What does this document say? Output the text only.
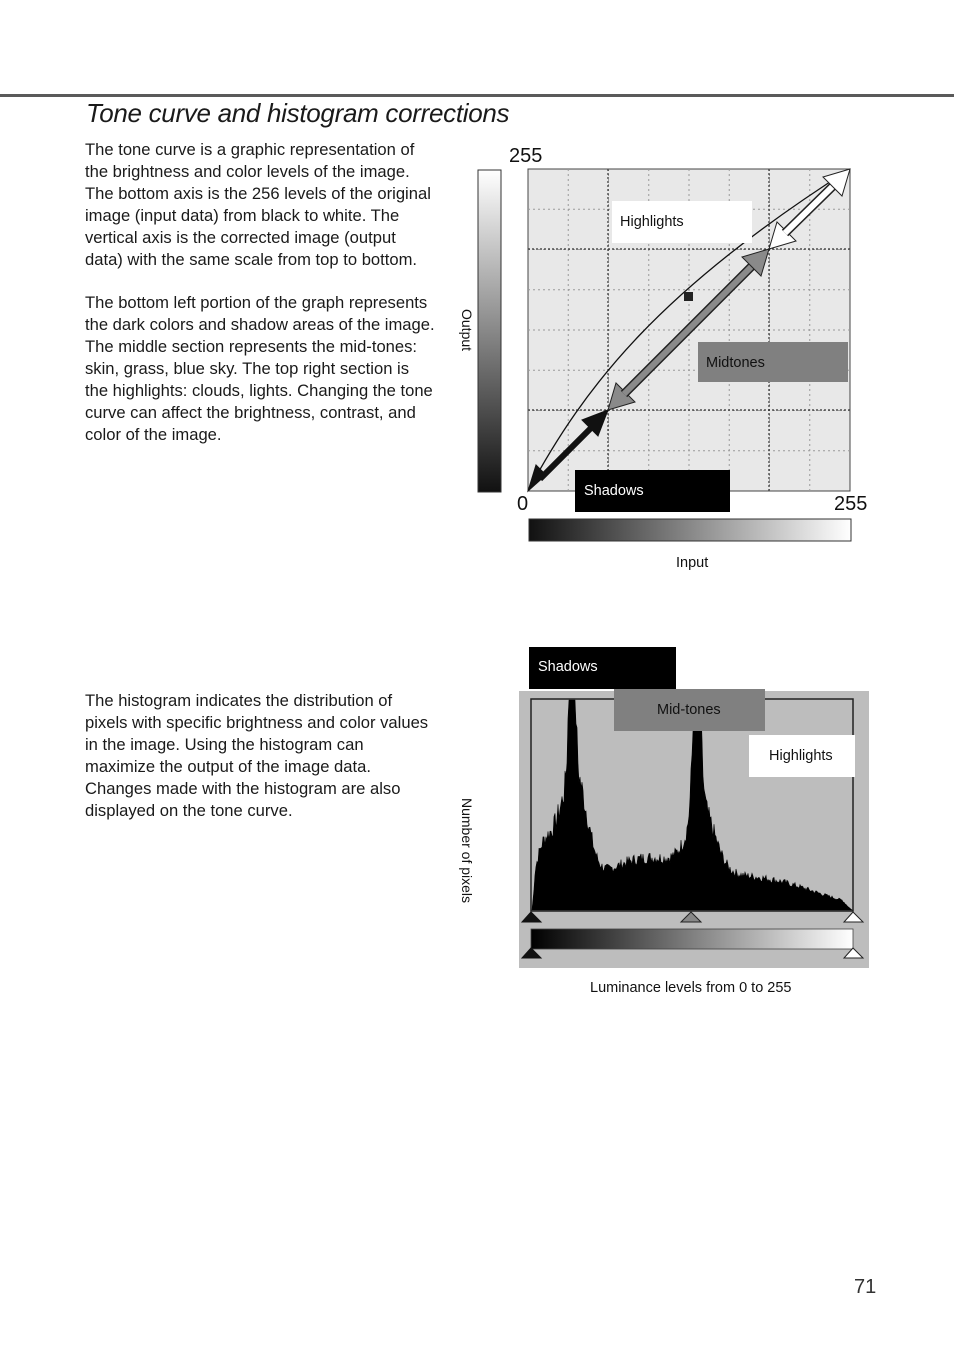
Tone curve and histogram corrections

The tone curve is a graphic representation of the brightness and color levels of the image. The bottom axis is the 256 levels of the original image (input data) from black to white. The vertical axis is the corrected image (output data) with the same scale from top to bottom.

The bottom left portion of the graph represents the dark colors and shadow areas of the image. The middle section represents the mid-tones: skin, grass, blue sky. The top right section is the highlights: clouds, lights. Changing the tone curve can affect the brightness, contrast, and color of the image.

The histogram indicates the distribution of pixels with specific brightness and color values in the image. Using the histogram can maximize the output of the image data. Changes made with the histogram are also displayed on the tone curve.

Highlights
Midtones
Shadows
255
0	255
Output
Input
Shadows
Mid-tones
Highlights
Number of pixels
Luminance levels from 0 to 255
71
